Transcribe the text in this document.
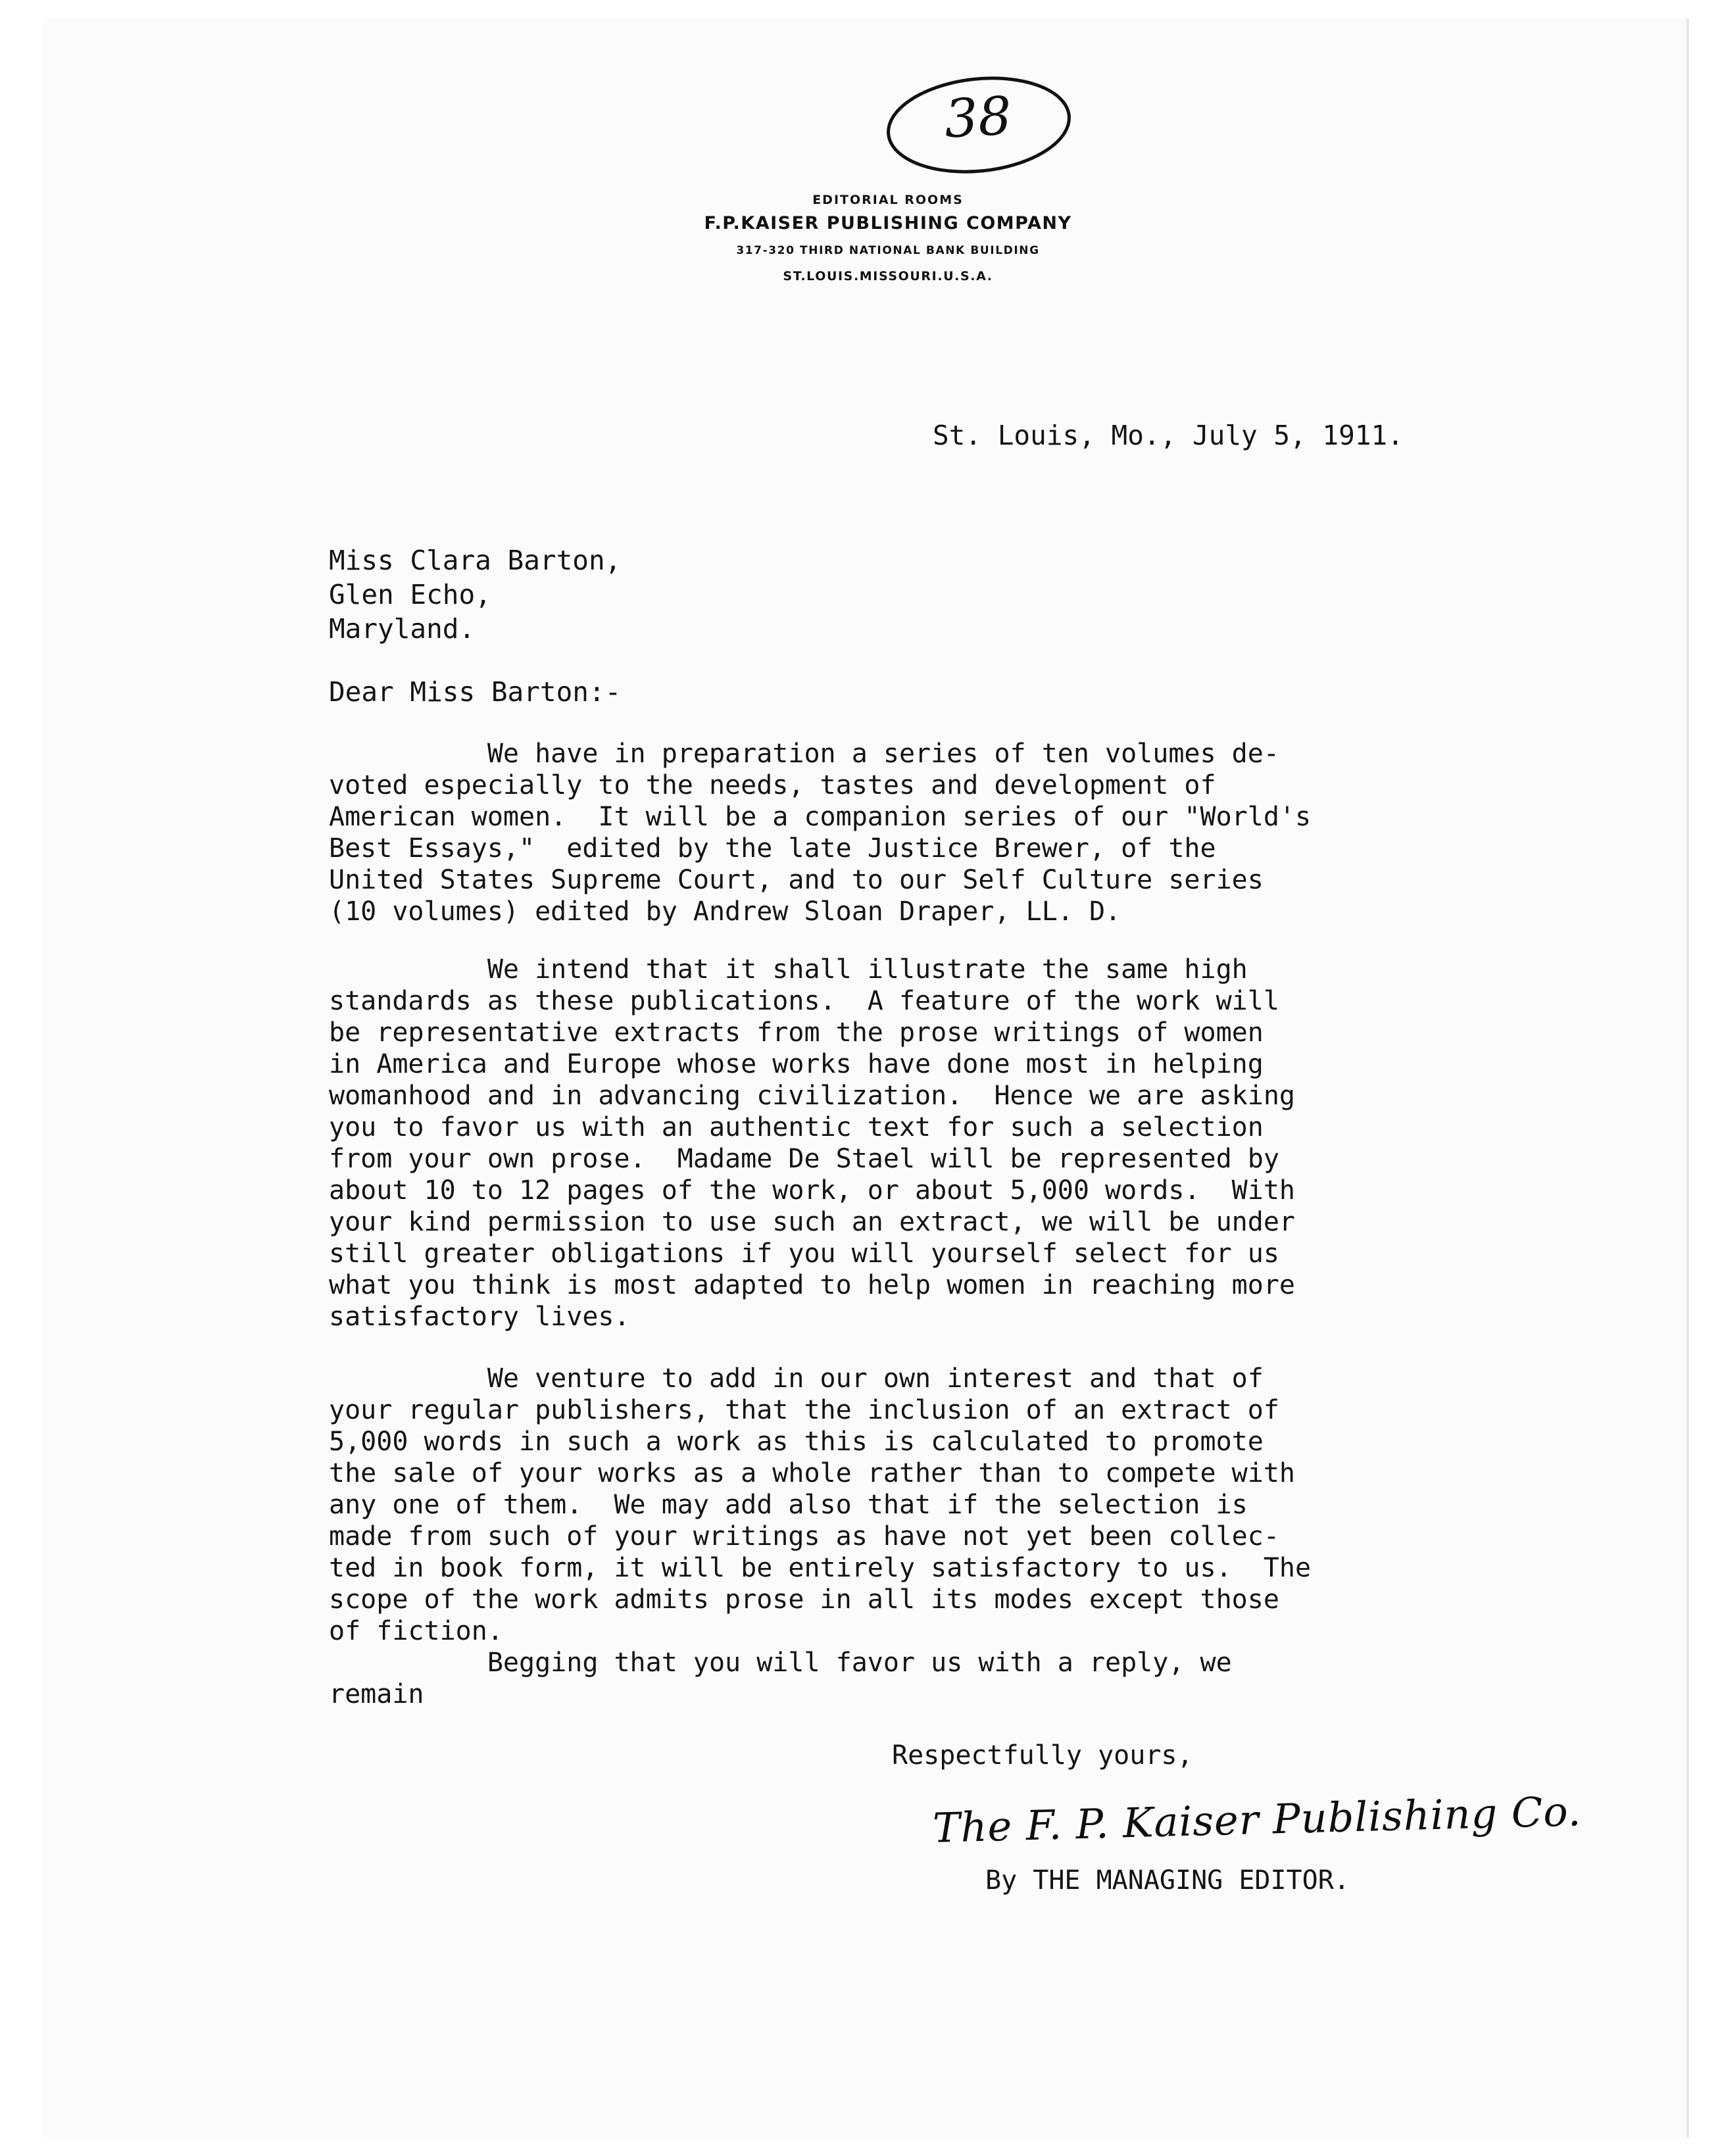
38
EDITORIAL ROOMS
F.P.KAISER PUBLISHING COMPANY
317-320 THIRD NATIONAL BANK BUILDING
ST.LOUIS.MISSOURI.U.S.A.
St. Louis, Mo., July 5, 1911.
Miss Clara Barton,
Glen Echo,
Maryland.
Dear Miss Barton:-
We have in preparation a series of ten volumes de-
voted especially to the needs, tastes and development of
American women.  It will be a companion series of our "World's
Best Essays,"  edited by the late Justice Brewer, of the
United States Supreme Court, and to our Self Culture series
(10 volumes) edited by Andrew Sloan Draper, LL. D.
We intend that it shall illustrate the same high
standards as these publications.  A feature of the work will
be representative extracts from the prose writings of women
in America and Europe whose works have done most in helping
womanhood and in advancing civilization.  Hence we are asking
you to favor us with an authentic text for such a selection
from your own prose.  Madame De Stael will be represented by
about 10 to 12 pages of the work, or about 5,000 words.  With
your kind permission to use such an extract, we will be under
still greater obligations if you will yourself select for us
what you think is most adapted to help women in reaching more
satisfactory lives.
We venture to add in our own interest and that of
your regular publishers, that the inclusion of an extract of
5,000 words in such a work as this is calculated to promote
the sale of your works as a whole rather than to compete with
any one of them.  We may add also that if the selection is
made from such of your writings as have not yet been collec-
ted in book form, it will be entirely satisfactory to us.  The
scope of the work admits prose in all its modes except those
of fiction.
Begging that you will favor us with a reply, we
remain
Respectfully yours,
The F. P. Kaiser Publishing Co.
By THE MANAGING EDITOR.
